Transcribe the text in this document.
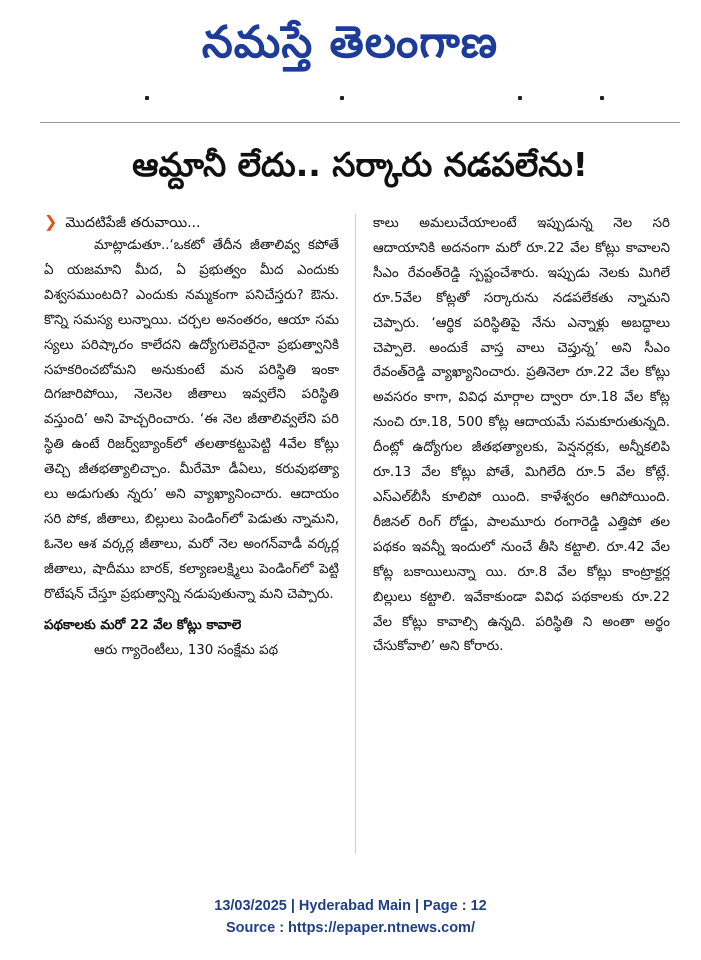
నమస్తే తెలంగాణ
ఆమ్దానీ లేదు.. సర్కారు నడపలేను!
❯ మొదటిపేజీ తరువాయి...

మాట్లాడుతూ..‘ఒకటో తేదీన జీతాలివ్వ కపోతే ఏ యజమాని మీద, ఏ ప్రభుత్వం మీద ఎందుకు విశ్వసముంటది? ఎందుకు నమ్మకంగా పనిచేస్తరు? ఔను. కొన్ని సమస్య లున్నాయి. చర్చల అనంతరం, ఆయా సమ స్యలు పరిష్కారం కాలేదని ఉద్యోగులెవరైనా ప్రభుత్వానికి సహకరించబోమని అనుకుంటే మన పరిస్థితి ఇంకా దిగజారిపోయి, నెలనెల జీతాలు ఇవ్వలేని పరిస్థితి వస్తుంది’ అని హెచ్చరించారు. ‘ఈ నెల జీతాలివ్వలేని పరి స్థితి ఉంటే రిజర్వ్‌బ్యాంక్‌లో తలతాకట్టుపెట్టి 4వేల కోట్లు తెచ్చి జీతభత్యాలిచ్చాం. మీరేమో డీఏలు, కరువుభత్యా లు అడుగుతు న్నరు’ అని వ్యాఖ్యానించారు. ఆదాయం సరి పోక, జీతాలు, బిల్లులు పెండింగ్‌లో పెడుతు న్నామని, ఓనెల ఆశ వర్కర్ల జీతాలు, మరో నెల అంగన్‌వాడీ వర్కర్ల జీతాలు, షాదీము బారక్, కల్యాణలక్ష్మిలు పెండింగ్‌లో పెట్టి రొటేషన్ చేస్తూ ప్రభుత్వాన్ని నడుపుతున్నా మని చెప్పారు.

పథకాలకు మరో 22 వేల కోట్లు కావాలె

ఆరు గ్యారెంటీలు, 130 సంక్షేమ పథ

కాలు అమలుచేయాలంటే ఇప్పుడున్న నెల సరి ఆదాయానికి అదనంగా మరో రూ.22 వేల కోట్లు కావాలని సీఎం రేవంత్‌రెడ్డి స్పష్టంచేశారు. ఇప్పుడు నెలకు మిగిలే రూ.5వేల కోట్లతో సర్కారును నడపలేకతు న్నామని చెప్పారు. ‘ఆర్థిక పరిస్థితిపై నేను ఎన్నాళ్లు అబద్ధాలు చెప్పాలె. అందుకే వాస్త వాలు చెప్తున్న’ అని సీఎం రేవంత్‌రెడ్డి వ్యాఖ్యానించారు. ప్రతినెలా రూ.22 వేల కోట్లు అవసరం కాగా, వివిధ మార్గాల ద్వారా రూ.18 వేల కోట్ల నుంచి రూ.18, 500 కోట్ల ఆదాయమే సమకూరుతున్నది. దీంట్లో ఉద్యోగుల జీతభత్యాలకు, పెన్షనర్లకు, అన్నీకలిపి రూ.13 వేల కోట్లు పోతే, మిగిలేది రూ.5 వేల కోట్లే. ఎస్‌ఎల్‌బీసీ కూలిపో యింది. కాళేశ్వరం ఆగిపోయింది. రీజినల్ రింగ్ రోడ్డు, పాలమూరు రంగారెడ్డి ఎత్తిపో తల పథకం ఇవన్నీ ఇందులో నుంచే తీసి కట్టాలి. రూ.42 వేల కోట్ల బకాయిలున్నా యి. రూ.8 వేల కోట్లు కాంట్రాక్టర్ల బిల్లులు కట్టాలి. ఇవేకాకుండా వివిధ పథకాలకు రూ.22 వేల కోట్లు కావాల్సి ఉన్నది. పరిస్థితి ని అంతా అర్థం చేసుకోవాలి’ అని కోరారు.

13/03/2025 | Hyderabad Main | Page : 12
Source : https://epaper.ntnews.com/
